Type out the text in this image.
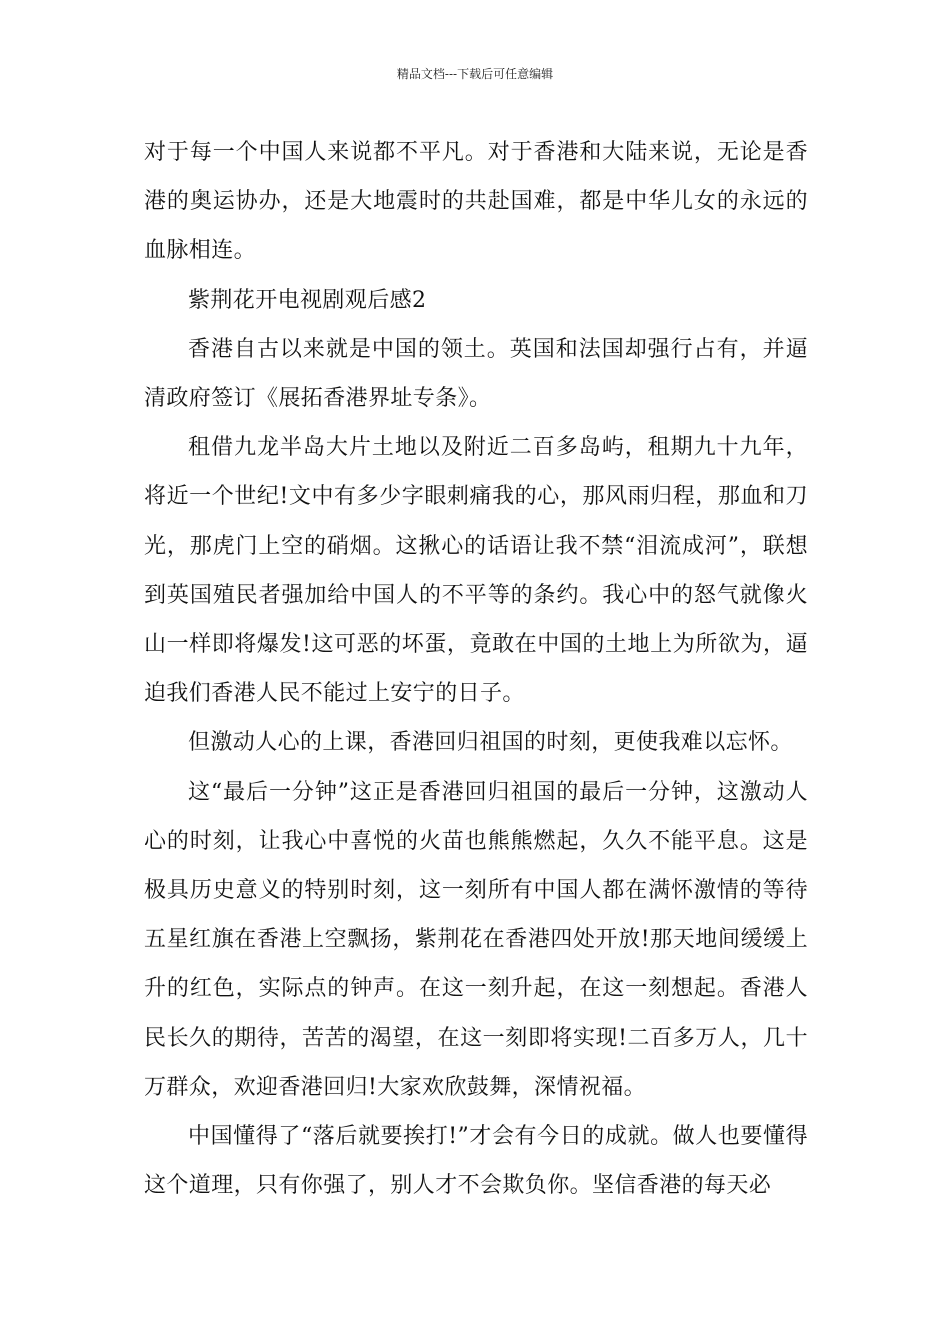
精品文档---下载后可任意编辑

对于每一个中国人来说都不平凡。对于香港和大陆来说，无论是香港的奥运协办，还是大地震时的共赴国难，都是中华儿女的永远的血脉相连。

紫荆花开电视剧观后感2

香港自古以来就是中国的领土。英国和法国却强行占有，并逼清政府签订《展拓香港界址专条》。

租借九龙半岛大片土地以及附近二百多岛屿，租期九十九年，将近一个世纪!文中有多少字眼刺痛我的心，那风雨归程，那血和刀光，那虎门上空的硝烟。这揪心的话语让我不禁“泪流成河”，联想到英国殖民者强加给中国人的不平等的条约。我心中的怒气就像火山一样即将爆发!这可恶的坏蛋，竟敢在中国的土地上为所欲为，逼迫我们香港人民不能过上安宁的日子。

但激动人心的上课，香港回归祖国的时刻，更使我难以忘怀。

这“最后一分钟”这正是香港回归祖国的最后一分钟，这激动人心的时刻，让我心中喜悦的火苗也熊熊燃起，久久不能平息。这是极具历史意义的特别时刻，这一刻所有中国人都在满怀激情的等待五星红旗在香港上空飘扬，紫荆花在香港四处开放!那天地间缓缓上升的红色，实际点的钟声。在这一刻升起，在这一刻想起。香港人民长久的期待，苦苦的渴望，在这一刻即将实现!二百多万人，几十万群众，欢迎香港回归!大家欢欣鼓舞，深情祝福。

中国懂得了“落后就要挨打!”才会有今日的成就。做人也要懂得这个道理，只有你强了，别人才不会欺负你。坚信香港的每天必
